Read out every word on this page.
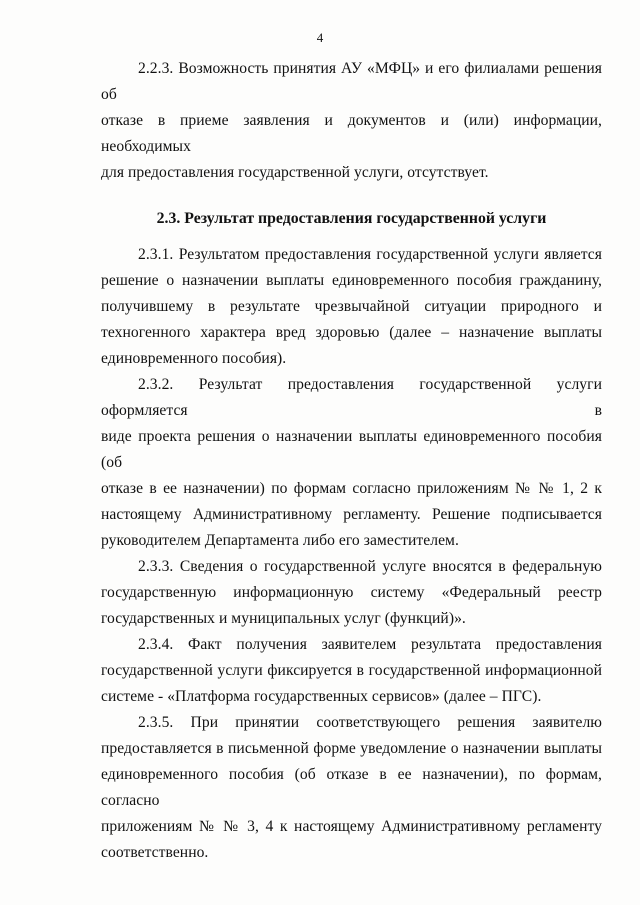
4

2.2.3. Возможность принятия АУ «МФЦ» и его филиалами решения об
отказе в приеме заявления и документов и (или) информации, необходимых
для предоставления государственной услуги, отсутствует.

2.3. Результат предоставления государственной услуги

2.3.1. Результатом предоставления государственной услуги является
решение о назначении выплаты единовременного пособия гражданину,
получившему в результате чрезвычайной ситуации природного и
техногенного характера вред здоровью (далее – назначение выплаты
единовременного пособия).

2.3.2. Результат предоставления государственной услуги оформляется в
виде проекта решения о назначении выплаты единовременного пособия (об
отказе в ее назначении) по формам согласно приложениям № № 1, 2 к
настоящему Административному регламенту. Решение подписывается
руководителем Департамента либо его заместителем.

2.3.3. Сведения о государственной услуге вносятся в федеральную
государственную информационную систему «Федеральный реестр
государственных и муниципальных услуг (функций)».

2.3.4. Факт получения заявителем результата предоставления
государственной услуги фиксируется в государственной информационной
системе - «Платформа государственных сервисов» (далее – ПГС).

2.3.5. При принятии соответствующего решения заявителю
предоставляется в письменной форме уведомление о назначении выплаты
единовременного пособия (об отказе в ее назначении), по формам, согласно
приложениям № № 3, 4 к настоящему Административному регламенту
соответственно.
